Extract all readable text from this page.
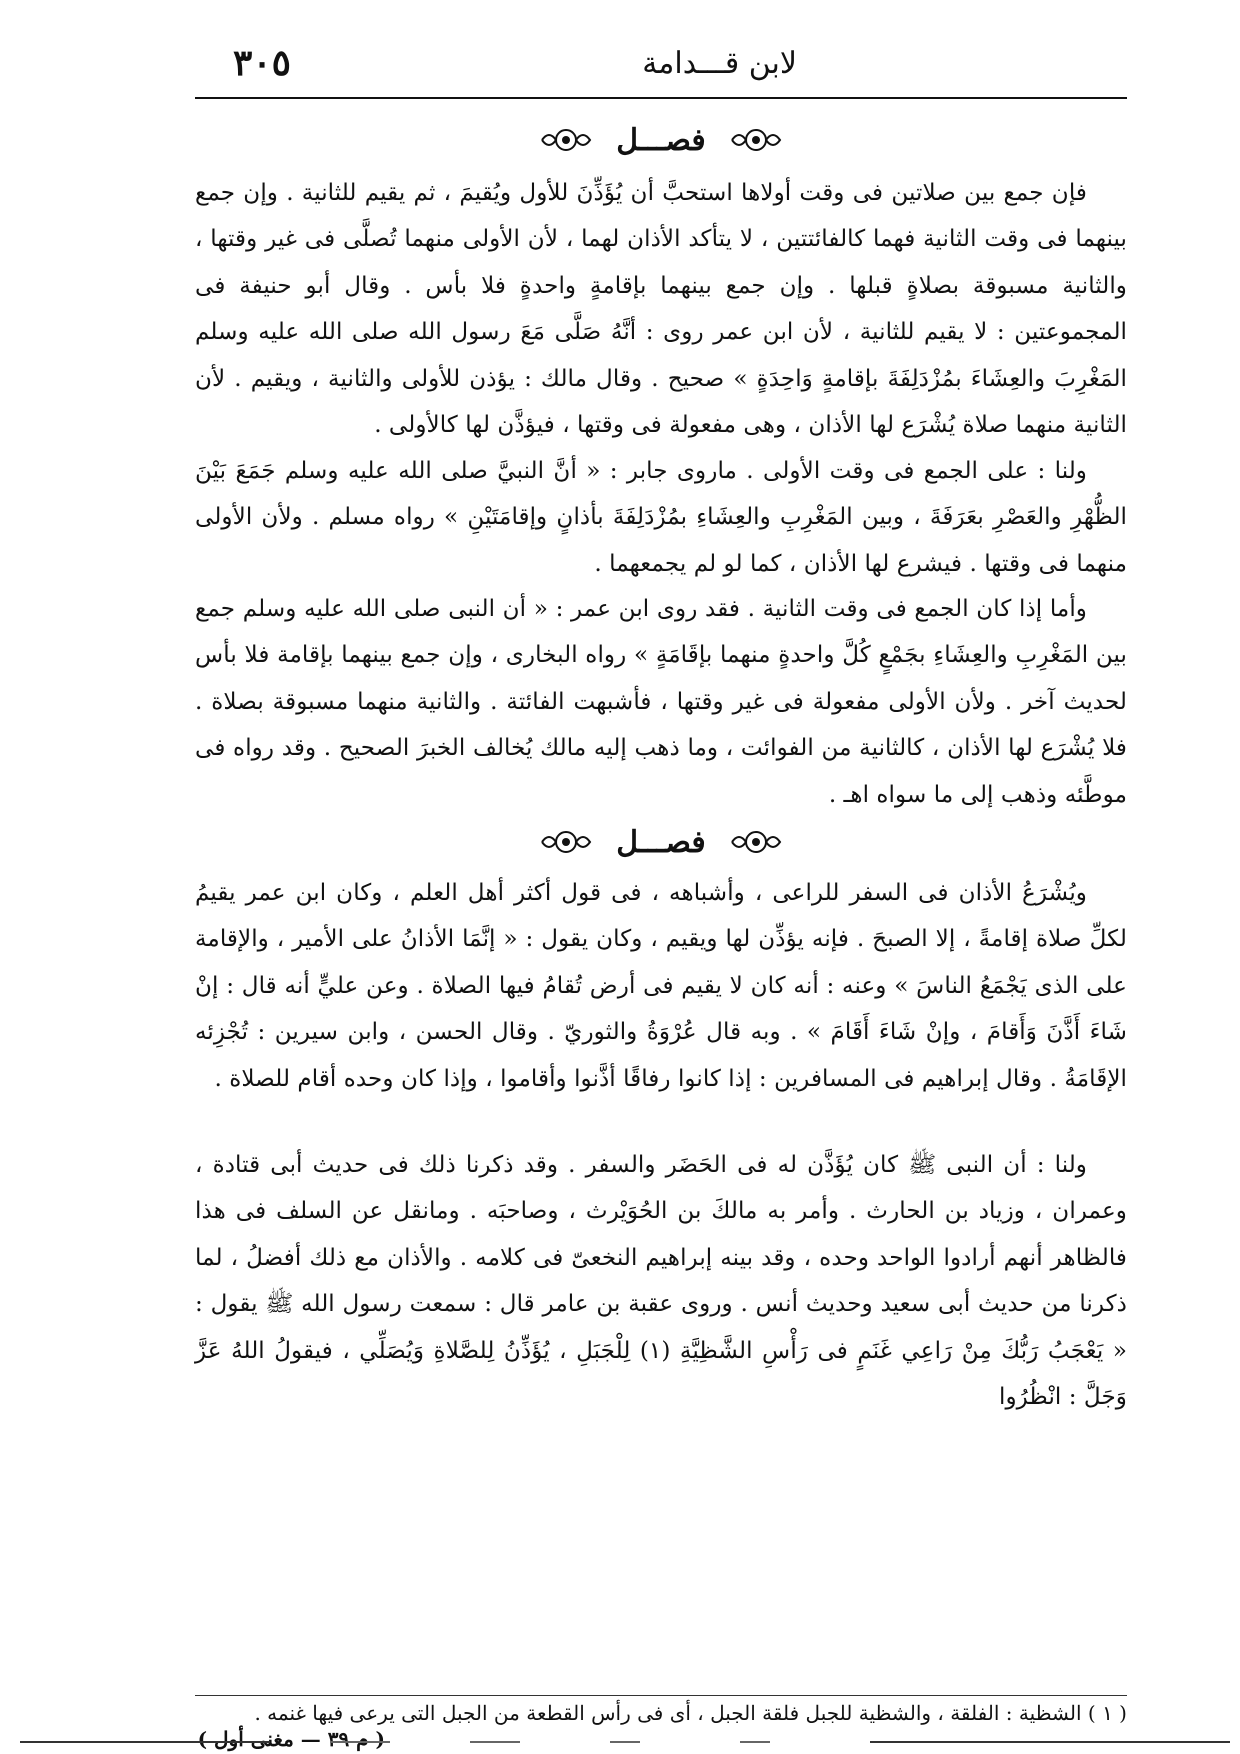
لابن قـــدامة
٣٠٥
فصـــل
فإن جمع بين صلاتين فى وقت أولاها استحبَّ أن يُؤَذِّنَ للأول ويُقيمَ ، ثم يقيم للثانية . وإن جمع بينهما فى وقت الثانية فهما كالفائتتين ، لا يتأكد الأذان لهما ، لأن الأولى منهما تُصلَّى فى غير وقتها ، والثانية مسبوقة بصلاةٍ قبلها . وإن جمع بينهما بإقامةٍ واحدةٍ فلا بأس . وقال أبو حنيفة فى المجموعتين : لا يقيم للثانية ، لأن ابن عمر روى : أنَّهُ صَلَّى مَعَ رسول الله صلى الله عليه وسلم المَغْرِبَ والعِشَاءَ بمُزْدَلِفَةَ بإقامةٍ وَاحِدَةٍ » صحيح . وقال مالك : يؤذن للأولى والثانية ، ويقيم . لأن الثانية منهما صلاة يُشْرَع لها الأذان ، وهى مفعولة فى وقتها ، فيؤذَّن لها كالأولى .
ولنا : على الجمع فى وقت الأولى . ماروى جابر : « أنَّ النبيَّ صلى الله عليه وسلم جَمَعَ بَيْنَ الظُّهْرِ والعَصْرِ بعَرَفَةَ ، وبين المَغْرِبِ والعِشَاءِ بمُزْدَلِفَةَ بأذانٍ وإقامَتَيْنِ » رواه مسلم . ولأن الأولى منهما فى وقتها . فيشرع لها الأذان ، كما لو لم يجمعهما .
وأما إذا كان الجمع فى وقت الثانية . فقد روى ابن عمر : « أن النبى صلى الله عليه وسلم جمع بين المَغْرِبِ والعِشَاءِ بجَمْعٍ كُلَّ واحدةٍ منهما بإقَامَةٍ » رواه البخارى ، وإن جمع بينهما بإقامة فلا بأس لحديث آخر . ولأن الأولى مفعولة فى غير وقتها ، فأشبهت الفائتة . والثانية منهما مسبوقة بصلاة . فلا يُشْرَع لها الأذان ، كالثانية من الفوائت ، وما ذهب إليه مالك يُخالف الخبرَ الصحيح . وقد رواه فى موطَّئه وذهب إلى ما سواه اهـ .
فصـــل
ويُشْرَعُ الأذان فى السفر للراعى ، وأشباهه ، فى قول أكثر أهل العلم ، وكان ابن عمر يقيمُ لكلِّ صلاة إقامةً ، إلا الصبحَ . فإنه يؤذِّن لها ويقيم ، وكان يقول : « إنَّمَا الأذانُ على الأمير ، والإقامة على الذى يَجْمَعُ الناسَ » وعنه : أنه كان لا يقيم فى أرض تُقامُ فيها الصلاة . وعن عليٍّ أنه قال : إنْ شَاءَ أَذَّنَ وَأَقامَ ، وإنْ شَاءَ أَقَامَ » . وبه قال عُرْوَةُ والثوريّ . وقال الحسن ، وابن سيرين : تُجْزِئه الإقَامَةُ . وقال إبراهيم فى المسافرين : إذا كانوا رفاقًا أذَّنوا وأقاموا ، وإذا كان وحده أقام للصلاة .
ولنا : أن النبى ﷺ كان يُؤَذَّن له فى الحَضَر والسفر . وقد ذكرنا ذلك فى حديث أبى قتادة ، وعمران ، وزياد بن الحارث . وأمر به مالكَ بن الحُوَيْرث ، وصاحبَه . ومانقل عن السلف فى هذا فالظاهر أنهم أرادوا الواحد وحده ، وقد بينه إبراهيم النخعىّ فى كلامه . والأذان مع ذلك أفضلُ ، لما ذكرنا من حديث أبى سعيد وحديث أنس . وروى عقبة بن عامر قال : سمعت رسول الله ﷺ يقول : « يَعْجَبُ رَبُّكَ مِنْ رَاعِي غَنَمٍ فى رَأْسِ الشَّظِيَّةِ (١) لِلْجَبَلِ ، يُؤَذِّنُ لِلصَّلاةِ وَيُصَلِّي ، فيقولُ اللهُ عَزَّ وَجَلَّ : انْظُرُوا
( ١ ) الشظية : الفلقة ، والشظية للجبل فلقة الجبل ، أى فى رأس القطعة من الجبل التى يرعى فيها غنمه .
( م ٣٩ — مغنى أول )
